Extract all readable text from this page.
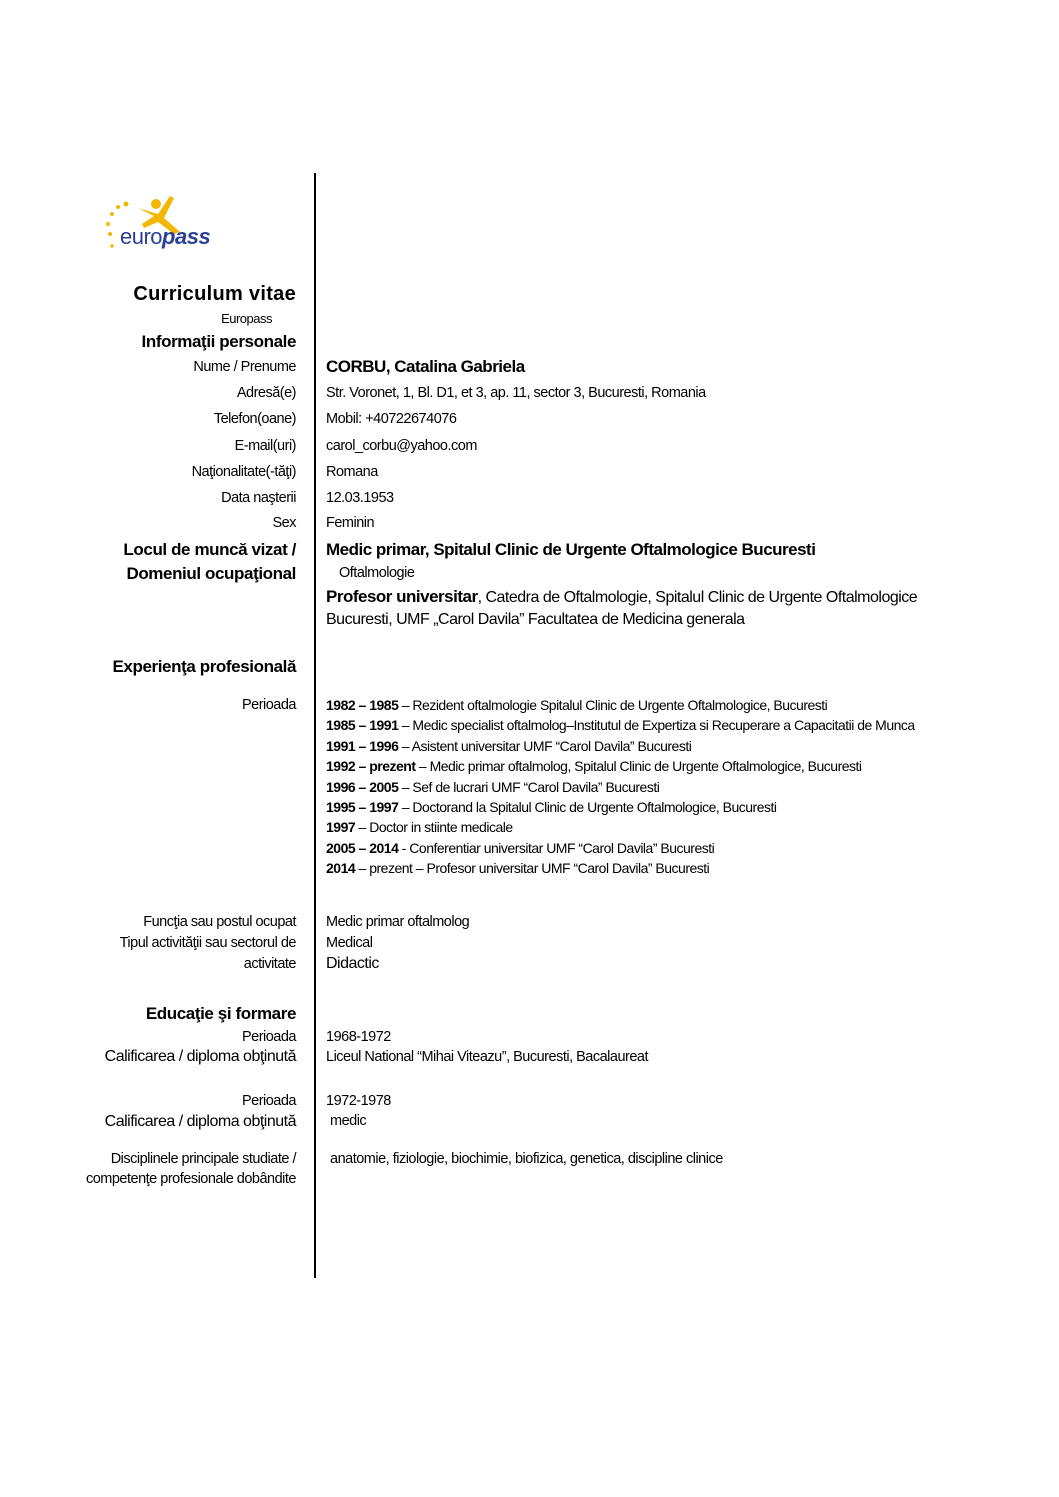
europass
Curriculum vitae
Europass
Informaţii personale
Nume / Prenume CORBU, Catalina Gabriela
Adresă(e) Str. Voronet, 1, Bl. D1, et 3, ap. 11, sector 3, Bucuresti, Romania
Telefon(oane) Mobil: +40722674076
E-mail(uri) carol_corbu@yahoo.com
Naţionalitate(-tăţi) Romana
Data naşterii 12.03.1953
Sex Feminin
Locul de muncă vizat /
Domeniul ocupaţional
Medic primar, Spitalul Clinic de Urgente Oftalmologice Bucuresti
Oftalmologie
Profesor universitar, Catedra de Oftalmologie, Spitalul Clinic de Urgente Oftalmologice
Bucuresti, UMF „Carol Davila” Facultatea de Medicina generala
Experienţa profesională
Perioada 1982 – 1985 – Rezident oftalmologie Spitalul Clinic de Urgente Oftalmologice, Bucuresti
1985 – 1991 – Medic specialist oftalmolog–Institutul de Expertiza si Recuperare a Capacitatii de Munca
1991 – 1996 – Asistent universitar UMF “Carol Davila” Bucuresti
1992 – prezent – Medic primar oftalmolog, Spitalul Clinic de Urgente Oftalmologice, Bucuresti
1996 – 2005 – Sef de lucrari UMF “Carol Davila” Bucuresti
1995 – 1997 – Doctorand la Spitalul Clinic de Urgente Oftalmologice, Bucuresti
1997 – Doctor in stiinte medicale
2005 – 2014 - Conferentiar universitar UMF “Carol Davila” Bucuresti
2014 – prezent – Profesor universitar UMF “Carol Davila” Bucuresti
Funcţia sau postul ocupat Medic primar oftalmolog
Tipul activităţii sau sectorul de
activitate
Medical
Didactic
Educaţie şi formare
Perioada 1968-1972
Calificarea / diploma obţinută Liceul National “Mihai Viteazu”, Bucuresti, Bacalaureat
Perioada 1972-1978
Calificarea / diploma obţinută medic
Disciplinele principale studiate /
competenţe profesionale dobândite
anatomie, fiziologie, biochimie, biofizica, genetica, discipline clinice
